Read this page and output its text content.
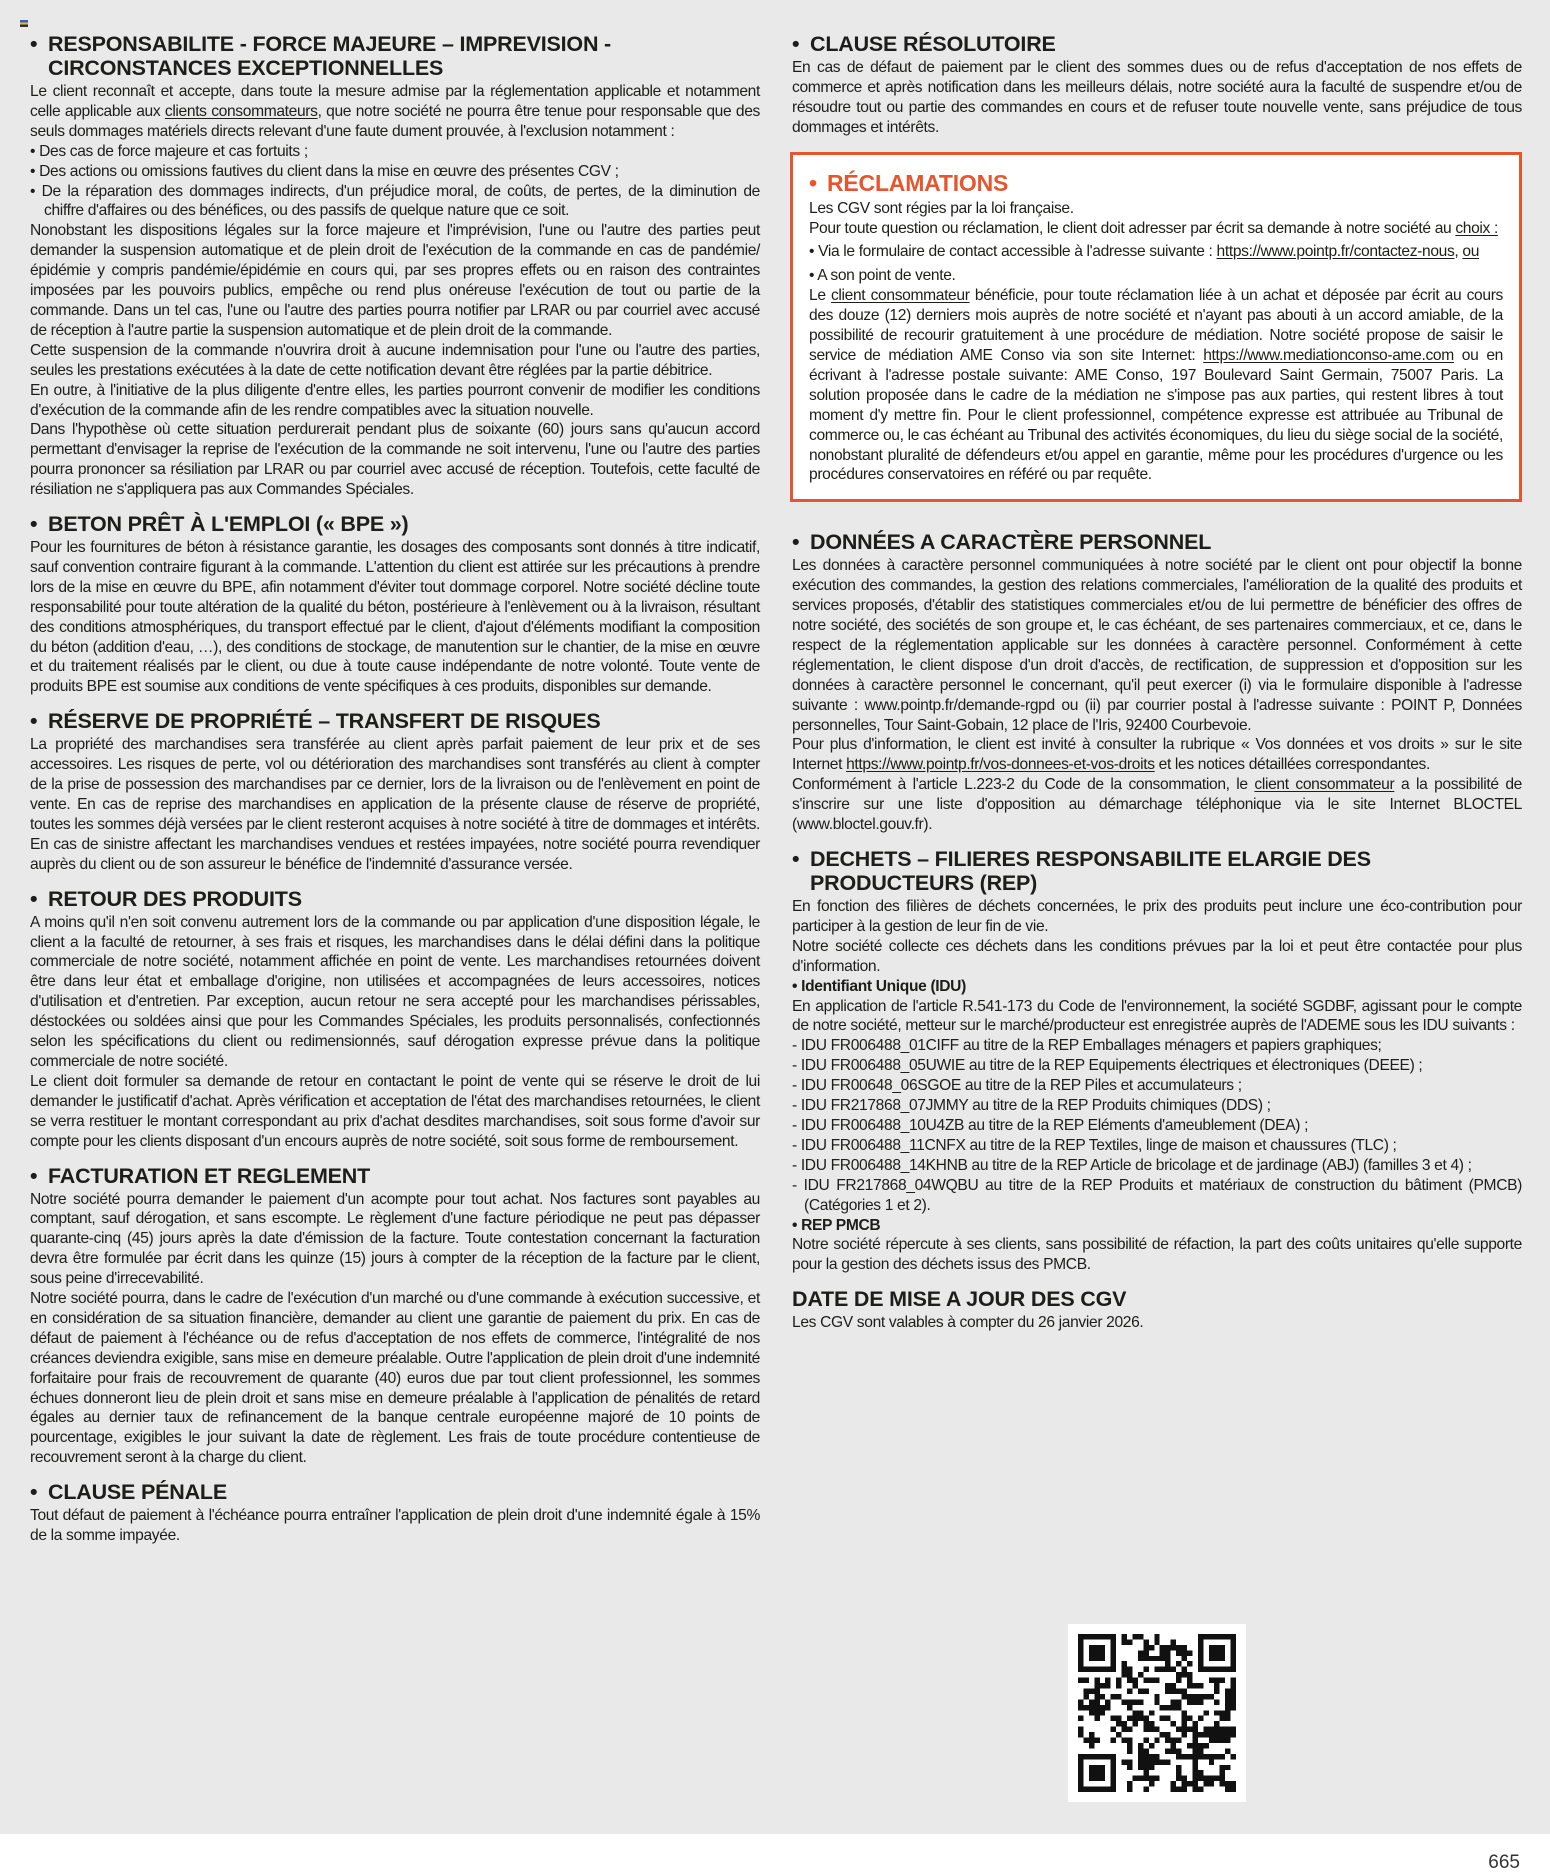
• RESPONSABILITE - FORCE MAJEURE – IMPREVISION - CIRCONSTANCES EXCEPTIONNELLES

Le client reconnaît et accepte, dans toute la mesure admise par la réglementation applicable et notamment celle applicable aux clients consommateurs, que notre société ne pourra être tenue pour responsable que des seuls dommages matériels directs relevant d'une faute dument prouvée, à l'exclusion notamment :

• Des cas de force majeure et cas fortuits ;
• Des actions ou omissions fautives du client dans la mise en œuvre des présentes CGV ;
• De la réparation des dommages indirects, d'un préjudice moral, de coûts, de pertes, de la diminution de chiffre d'affaires ou des bénéfices, ou des passifs de quelque nature que ce soit.

Nonobstant les dispositions légales sur la force majeure et l'imprévision, l'une ou l'autre des parties peut demander la suspension automatique et de plein droit de l'exécution de la commande en cas de pandémie/épidémie y compris pandémie/épidémie en cours qui, par ses propres effets ou en raison des contraintes imposées par les pouvoirs publics, empêche ou rend plus onéreuse l'exécution de tout ou partie de la commande. Dans un tel cas, l'une ou l'autre des parties pourra notifier par LRAR ou par courriel avec accusé de réception à l'autre partie la suspension automatique et de plein droit de la commande.

Cette suspension de la commande n'ouvrira droit à aucune indemnisation pour l'une ou l'autre des parties, seules les prestations exécutées à la date de cette notification devant être réglées par la partie débitrice.

En outre, à l'initiative de la plus diligente d'entre elles, les parties pourront convenir de modifier les conditions d'exécution de la commande afin de les rendre compatibles avec la situation nouvelle.

Dans l'hypothèse où cette situation perdurerait pendant plus de soixante (60) jours sans qu'aucun accord permettant d'envisager la reprise de l'exécution de la commande ne soit intervenu, l'une ou l'autre des parties pourra prononcer sa résiliation par LRAR ou par courriel avec accusé de réception. Toutefois, cette faculté de résiliation ne s'appliquera pas aux Commandes Spéciales.

• BETON PRÊT À L'EMPLOI (« BPE »)

Pour les fournitures de béton à résistance garantie, les dosages des composants sont donnés à titre indicatif, sauf convention contraire figurant à la commande. L'attention du client est attirée sur les précautions à prendre lors de la mise en œuvre du BPE, afin notamment d'éviter tout dommage corporel. Notre société décline toute responsabilité pour toute altération de la qualité du béton, postérieure à l'enlèvement ou à la livraison, résultant des conditions atmosphériques, du transport effectué par le client, d'ajout d'éléments modifiant la composition du béton (addition d'eau, …), des conditions de stockage, de manutention sur le chantier, de la mise en œuvre et du traitement réalisés par le client, ou due à toute cause indépendante de notre volonté. Toute vente de produits BPE est soumise aux conditions de vente spécifiques à ces produits, disponibles sur demande.

• RÉSERVE DE PROPRIÉTÉ – TRANSFERT DE RISQUES

La propriété des marchandises sera transférée au client après parfait paiement de leur prix et de ses accessoires. Les risques de perte, vol ou détérioration des marchandises sont transférés au client à compter de la prise de possession des marchandises par ce dernier, lors de la livraison ou de l'enlèvement en point de vente. En cas de reprise des marchandises en application de la présente clause de réserve de propriété, toutes les sommes déjà versées par le client resteront acquises à notre société à titre de dommages et intérêts. En cas de sinistre affectant les marchandises vendues et restées impayées, notre société pourra revendiquer auprès du client ou de son assureur le bénéfice de l'indemnité d'assurance versée.

• RETOUR DES PRODUITS

A moins qu'il n'en soit convenu autrement lors de la commande ou par application d'une disposition légale, le client a la faculté de retourner, à ses frais et risques, les marchandises dans le délai défini dans la politique commerciale de notre société, notamment affichée en point de vente. Les marchandises retournées doivent être dans leur état et emballage d'origine, non utilisées et accompagnées de leurs accessoires, notices d'utilisation et d'entretien. Par exception, aucun retour ne sera accepté pour les marchandises périssables, déstockées ou soldées ainsi que pour les Commandes Spéciales, les produits personnalisés, confectionnés selon les spécifications du client ou redimensionnés, sauf dérogation expresse prévue dans la politique commerciale de notre société.

Le client doit formuler sa demande de retour en contactant le point de vente qui se réserve le droit de lui demander le justificatif d'achat. Après vérification et acceptation de l'état des marchandises retournées, le client se verra restituer le montant correspondant au prix d'achat desdites marchandises, soit sous forme d'avoir sur compte pour les clients disposant d'un encours auprès de notre société, soit sous forme de remboursement.

• FACTURATION ET REGLEMENT

Notre société pourra demander le paiement d'un acompte pour tout achat. Nos factures sont payables au comptant, sauf dérogation, et sans escompte. Le règlement d'une facture périodique ne peut pas dépasser quarante-cinq (45) jours après la date d'émission de la facture. Toute contestation concernant la facturation devra être formulée par écrit dans les quinze (15) jours à compter de la réception de la facture par le client, sous peine d'irrecevabilité.

Notre société pourra, dans le cadre de l'exécution d'un marché ou d'une commande à exécution successive, et en considération de sa situation financière, demander au client une garantie de paiement du prix. En cas de défaut de paiement à l'échéance ou de refus d'acceptation de nos effets de commerce, l'intégralité de nos créances deviendra exigible, sans mise en demeure préalable. Outre l'application de plein droit d'une indemnité forfaitaire pour frais de recouvrement de quarante (40) euros due par tout client professionnel, les sommes échues donneront lieu de plein droit et sans mise en demeure préalable à l'application de pénalités de retard égales au dernier taux de refinancement de la banque centrale européenne majoré de 10 points de pourcentage, exigibles le jour suivant la date de règlement. Les frais de toute procédure contentieuse de recouvrement seront à la charge du client.

• CLAUSE PÉNALE

Tout défaut de paiement à l'échéance pourra entraîner l'application de plein droit d'une indemnité égale à 15% de la somme impayée.

• CLAUSE RÉSOLUTOIRE

En cas de défaut de paiement par le client des sommes dues ou de refus d'acceptation de nos effets de commerce et après notification dans les meilleurs délais, notre société aura la faculté de suspendre et/ou de résoudre tout ou partie des commandes en cours et de refuser toute nouvelle vente, sans préjudice de tous dommages et intérêts.

• RÉCLAMATIONS

Les CGV sont régies par la loi française.

Pour toute question ou réclamation, le client doit adresser par écrit sa demande à notre société au choix :

• Via le formulaire de contact accessible à l'adresse suivante : https://www.pointp.fr/contactez-nous, ou
• A son point de vente.

Le client consommateur bénéficie, pour toute réclamation liée à un achat et déposée par écrit au cours des douze (12) derniers mois auprès de notre société et n'ayant pas abouti à un accord amiable, de la possibilité de recourir gratuitement à une procédure de médiation. Notre société propose de saisir le service de médiation AME Conso via son site Internet: https://www.mediationconso-ame.com ou en écrivant à l'adresse postale suivante: AME Conso, 197 Boulevard Saint Germain, 75007 Paris. La solution proposée dans le cadre de la médiation ne s'impose pas aux parties, qui restent libres à tout moment d'y mettre fin. Pour le client professionnel, compétence expresse est attribuée au Tribunal de commerce ou, le cas échéant au Tribunal des activités économiques, du lieu du siège social de la société, nonobstant pluralité de défendeurs et/ou appel en garantie, même pour les procédures d'urgence ou les procédures conservatoires en référé ou par requête.

• DONNÉES A CARACTÈRE PERSONNEL

Les données à caractère personnel communiquées à notre société par le client ont pour objectif la bonne exécution des commandes, la gestion des relations commerciales, l'amélioration de la qualité des produits et services proposés, d'établir des statistiques commerciales et/ou de lui permettre de bénéficier des offres de notre société, des sociétés de son groupe et, le cas échéant, de ses partenaires commerciaux, et ce, dans le respect de la réglementation applicable sur les données à caractère personnel. Conformément à cette réglementation, le client dispose d'un droit d'accès, de rectification, de suppression et d'opposition sur les données à caractère personnel le concernant, qu'il peut exercer (i) via le formulaire disponible à l'adresse suivante : www.pointp.fr/demande-rgpd ou (ii) par courrier postal à l'adresse suivante : POINT P, Données personnelles, Tour Saint-Gobain, 12 place de l'Iris, 92400 Courbevoie.

Pour plus d'information, le client est invité à consulter la rubrique « Vos données et vos droits » sur le site Internet https://www.pointp.fr/vos-donnees-et-vos-droits et les notices détaillées correspondantes.

Conformément à l'article L.223-2 du Code de la consommation, le client consommateur a la possibilité de s'inscrire sur une liste d'opposition au démarchage téléphonique via le site Internet BLOCTEL (www.bloctel.gouv.fr).

• DECHETS – FILIERES RESPONSABILITE ELARGIE DES PRODUCTEURS (REP)

En fonction des filières de déchets concernées, le prix des produits peut inclure une éco-contribution pour participer à la gestion de leur fin de vie.

Notre société collecte ces déchets dans les conditions prévues par la loi et peut être contactée pour plus d'information.

• Identifiant Unique (IDU)

En application de l'article R.541-173 du Code de l'environnement, la société SGDBF, agissant pour le compte de notre société, metteur sur le marché/producteur est enregistrée auprès de l'ADEME sous les IDU suivants :

- IDU FR006488_01CIFF au titre de la REP Emballages ménagers et papiers graphiques;
- IDU FR006488_05UWIE au titre de la REP Equipements électriques et électroniques (DEEE) ;
- IDU FR00648_06SGOE au titre de la REP Piles et accumulateurs ;
- IDU FR217868_07JMMY au titre de la REP Produits chimiques (DDS) ;
- IDU FR006488_10U4ZB au titre de la REP Eléments d'ameublement (DEA) ;
- IDU FR006488_11CNFX au titre de la REP Textiles, linge de maison et chaussures (TLC) ;
- IDU FR006488_14KHNB au titre de la REP Article de bricolage et de jardinage (ABJ) (familles 3 et 4) ;
- IDU FR217868_04WQBU au titre de la REP Produits et matériaux de construction du bâtiment (PMCB) (Catégories 1 et 2).
• REP PMCB

Notre société répercute à ses clients, sans possibilité de réfaction, la part des coûts unitaires qu'elle supporte pour la gestion des déchets issus des PMCB.

DATE DE MISE A JOUR DES CGV

Les CGV sont valables à compter du 26 janvier 2026.

665
